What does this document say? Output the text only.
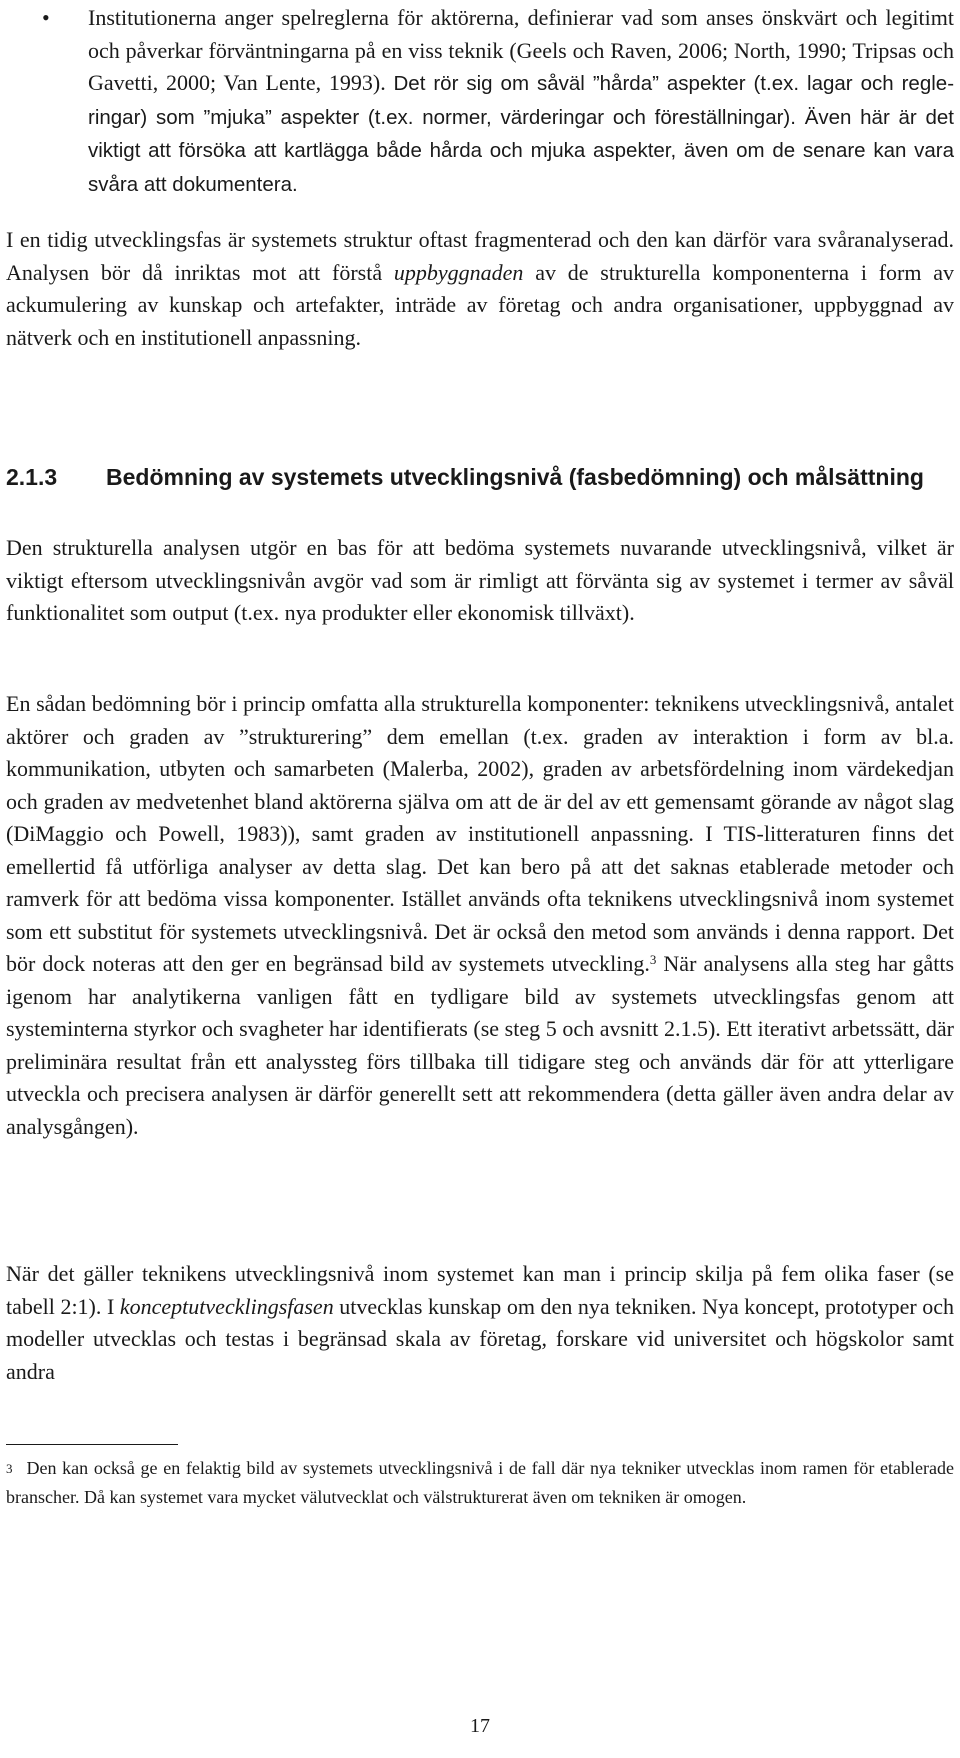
• Institutionerna anger spelreglerna för aktörerna, definierar vad som anses önskvärt och legitimt och påverkar förväntningarna på en viss teknik (Geels och Raven, 2006; North, 1990; Tripsas och Gavetti, 2000; Van Lente, 1993). Det rör sig om såväl ”hårda” aspekter (t.ex. lagar och regleringar) som ”mjuka” aspekter (t.ex. normer, värderingar och föreställningar). Även här är det viktigt att försöka att kartlägga både hårda och mjuka aspekter, även om de senare kan vara svåra att dokumentera.

I en tidig utvecklingsfas är systemets struktur oftast fragmenterad och den kan därför vara svåranalyserad. Analysen bör då inriktas mot att förstå uppbyggnaden av de strukturella komponenterna i form av ackumulering av kunskap och artefakter, inträde av företag och andra organisationer, uppbyggnad av nätverk och en institutionell anpassning.

2.1.3 Bedömning av systemets utvecklingsnivå (fasbedömning) och målsättning

Den strukturella analysen utgör en bas för att bedöma systemets nuvarande utvecklingsnivå, vilket är viktigt eftersom utvecklingsnivån avgör vad som är rimligt att förvänta sig av systemet i termer av såväl funktionalitet som output (t.ex. nya produkter eller ekonomisk tillväxt).

En sådan bedömning bör i princip omfatta alla strukturella komponenter: teknikens utvecklingsnivå, antalet aktörer och graden av ”strukturering” dem emellan (t.ex. graden av interaktion i form av bl.a. kommunikation, utbyten och samarbeten (Malerba, 2002), graden av arbetsfördelning inom värdekedjan och graden av medvetenhet bland aktörerna själva om att de är del av ett gemensamt görande av något slag (DiMaggio och Powell, 1983)), samt graden av institutionell anpassning. I TIS-litteraturen finns det emellertid få utförliga analyser av detta slag. Det kan bero på att det saknas etablerade metoder och ramverk för att bedöma vissa komponenter. Istället används ofta teknikens utvecklingsnivå inom systemet som ett substitut för systemets utvecklingsnivå. Det är också den metod som används i denna rapport. Det bör dock noteras att den ger en begränsad bild av systemets utveckling.$^3$ När analysens alla steg har gåtts igenom har analytikerna vanligen fått en tydligare bild av systemets utvecklingsfas genom att systeminterna styrkor och svagheter har identifierats (se steg 5 och avsnitt 2.1.5). Ett iterativt arbetssätt, där preliminära resultat från ett analyssteg förs tillbaka till tidigare steg och används där för att ytterligare utveckla och precisera analysen är därför generellt sett att rekommendera (detta gäller även andra delar av analysgången).

När det gäller teknikens utvecklingsnivå inom systemet kan man i princip skilja på fem olika faser (se tabell 2:1). I konceptutvecklingsfasen utvecklas kunskap om den nya tekniken. Nya koncept, prototyper och modeller utvecklas och testas i begränsad skala av företag, forskare vid universitet och högskolor samt andra

$^3$ Den kan också ge en felaktig bild av systemets utvecklingsnivå i de fall där nya tekniker utvecklas inom ramen för etablerade branscher. Då kan systemet vara mycket välutvecklat och välstrukturerat även om tekniken är omogen.
17
